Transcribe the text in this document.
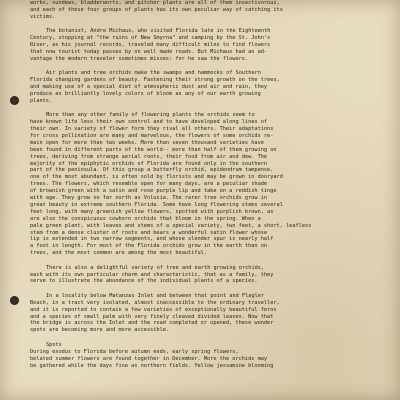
works, sundews, bladderworts, and pitcher plants are all of them insectivorous,
and each of these four groups of plants has its own peculiar way of catching its
victims.
The botanist, Andre Michaux, who visited Florida late in the Eighteenth
Century, stopping at "the ruins of New Smyrna" and camping by the St. John's
River, as his journal records, traveled many difficult miles to find flowers
that now tourist today passes by on well made roads. But Michaux had an ad-
vantage the modern traveler sometimes misses: for he saw the flowers.
Air plants and tree orchids make the swamps and hammocks of Southern
Florida changing gardens of beauty. Fastening their strong growth on the trees,
and making use of a special diet of atmospheric dust and air and rain, they
produce as brilliantly lovely colors of bloom as any of our earth growing
plants.
More than any other family of flowering plants the orchids seem to
have known life less their own control and to have developed along lines of
their own. In variety of flower form they rival all others. Their adaptations
for cross pollination are many and marvelous, the flowers of some orchids re-
main open for more than two weeks. More than seven thousand varieties have
been found in different parts of the world-- more than half of them growing on
trees, deriving from strange aerial roots, their food from air and dew. The
majority of the epiphytic orchids of Florida are found only in the southern
part of the peninsula. Of this group a butterfly orchid, epidendrum tampense,
one of the most abundant, is often sold by florists and may be grown in dooryard
trees. The flowers, which resemble open for many days, are a peculiar shade
of brownish green with a satin and rose purple lip and take on a reddish tinge
with age. They grow so far north as Volusia. The rarer tree orchids grow in
great beauty in extreme southern Florida. Some have long flowering stems several
feet long, with many greenish yellow flowers, spotted with purplish brown, as
are also the conspicuous cowhorn orchids that bloom in the spring. When a
pale green plant, with leaves and stems of a special variety, two feet, a short, leafless
stem from a dense cluster of roots and bears a wonderful satin flower whose
lip is extended in two narrow segments, and whose slender spur is nearly half
a foot in length. For most of the Florida orchids grow in the earth than on
trees, and the most common are among the most beautiful.
There is also a delightful variety of tree and earth growing orchids,
each with its own particular charm and characteristic, that as a family, they
serve to illustrate the abundance of the individual plants of a species.
In a locality below Matanzas Inlet and between that point and Flagler
Beach, in a tract very isolated, almost inaccessible to the ordinary traveller,
and it is reported to contain a few varieties of exceptionally beautiful ferns
and a species of small palm with very finely cleaved divided leaves. Now that
the bridge is across the Inlet and the road completed or opened, these wonder
spots are becoming more and more accessible.
Spots
During exodus to Florida before autumn ends, early spring flowers,
belated summer flowers are found together in December. More the orchids may
be gathered while the days fine as northern fields. Yellow jessamine blooming
